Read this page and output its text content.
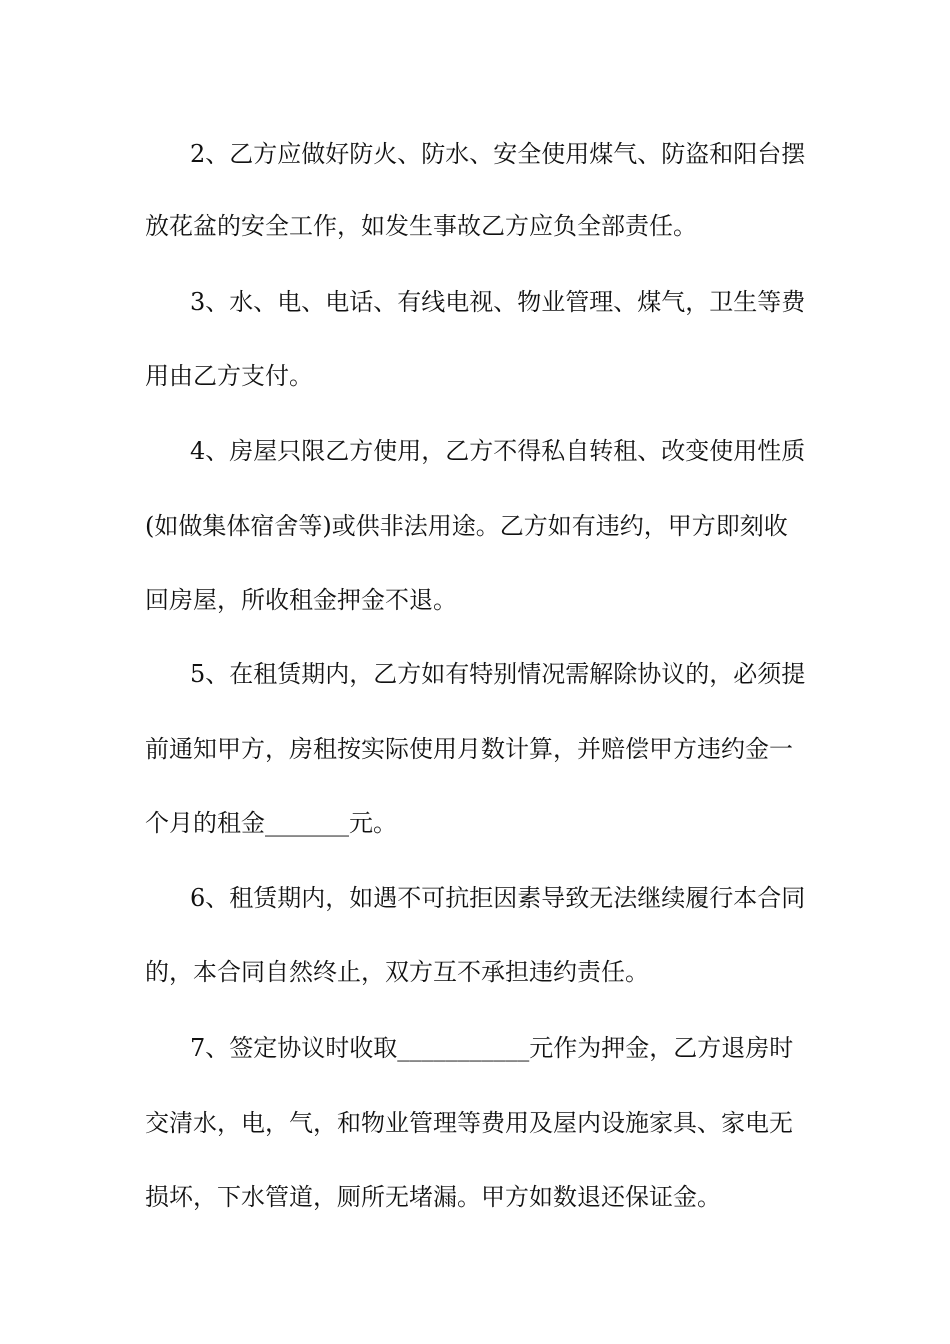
2、乙方应做好防火、防水、安全使用煤气、防盗和阳台摆
放花盆的安全工作，如发生事故乙方应负全部责任。
3、水、电、电话、有线电视、物业管理、煤气，卫生等费
用由乙方支付。
4、房屋只限乙方使用，乙方不得私自转租、改变使用性质
(如做集体宿舍等)或供非法用途。乙方如有违约，甲方即刻收
回房屋，所收租金押金不退。
5、在租赁期内，乙方如有特别情况需解除协议的，必须提
前通知甲方，房租按实际使用月数计算，并赔偿甲方违约金一
个月的租金_______元。
6、租赁期内，如遇不可抗拒因素导致无法继续履行本合同
的，本合同自然终止，双方互不承担违约责任。
7、签定协议时收取___________元作为押金，乙方退房时
交清水，电，气，和物业管理等费用及屋内设施家具、家电无
损坏，下水管道，厕所无堵漏。甲方如数退还保证金。
